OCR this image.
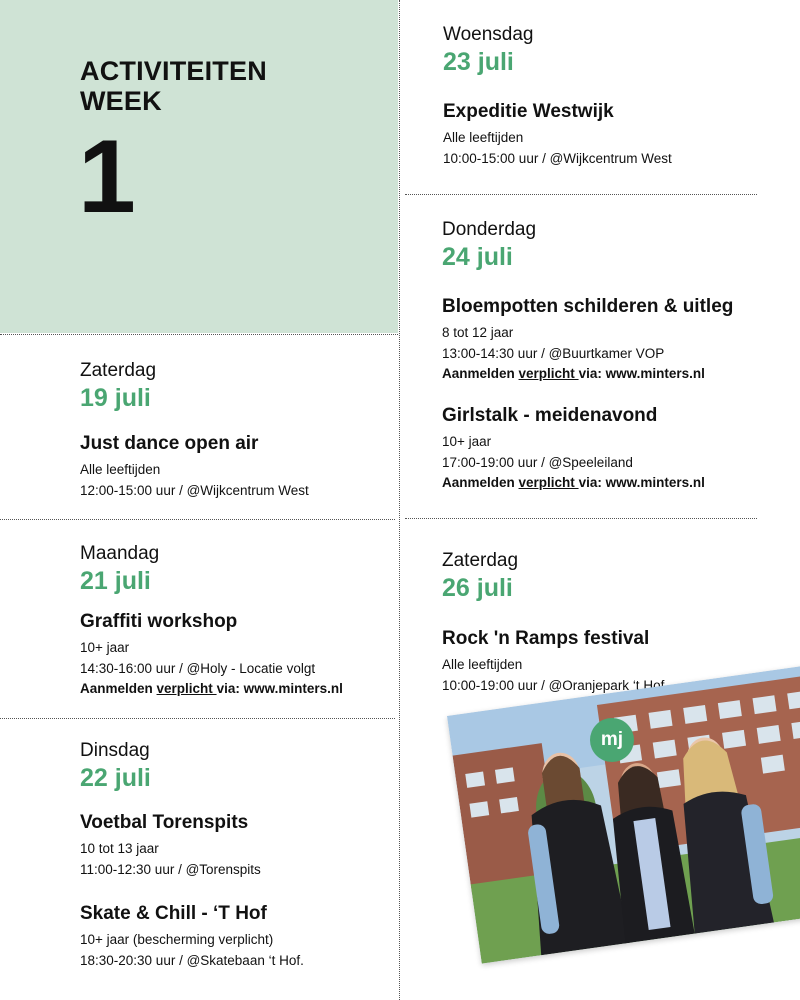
ACTIVITEITEN
WEEK
1
Zaterdag
19 juli
Just dance open air
Alle leeftijden
12:00-15:00 uur / @Wijkcentrum West
Maandag
21 juli
Graffiti workshop
10+ jaar
14:30-16:00 uur / @Holy - Locatie volgt
Aanmelden verplicht via: www.minters.nl
Dinsdag
22 juli
Voetbal Torenspits
10 tot 13 jaar
11:00-12:30 uur / @Torenspits
Skate & Chill - ‘T Hof
10+ jaar (bescherming verplicht)
18:30-20:30 uur / @Skatebaan ‘t Hof.
Woensdag
23 juli
Expeditie Westwijk
Alle leeftijden
10:00-15:00 uur / @Wijkcentrum West
Donderdag
24 juli
Bloempotten schilderen & uitleg
8 tot 12 jaar
13:00-14:30 uur / @Buurtkamer VOP
Aanmelden verplicht via: www.minters.nl
Girlstalk - meidenavond
10+ jaar
17:00-19:00 uur / @Speeleiland
Aanmelden verplicht via: www.minters.nl
Zaterdag
26 juli
Rock 'n Ramps festival
Alle leeftijden
10:00-19:00 uur / @Oranjepark ‘t Hof
mj
